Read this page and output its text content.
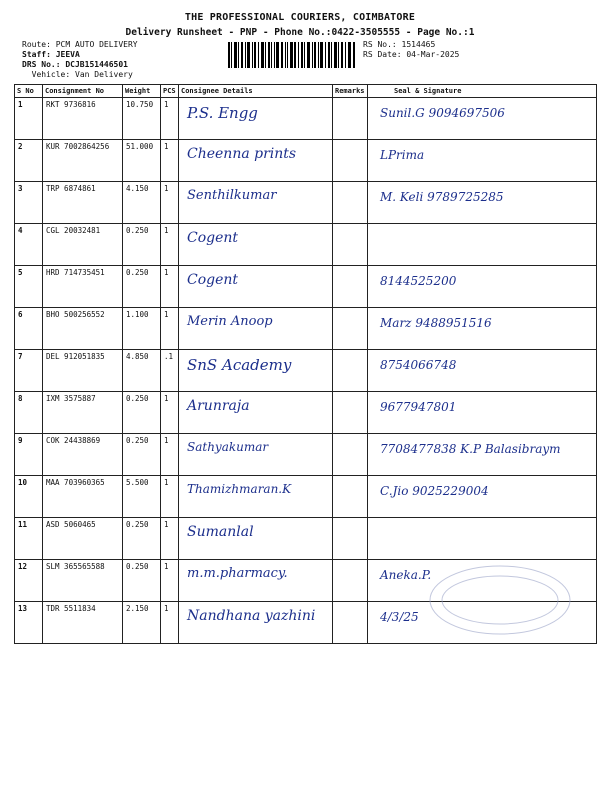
THE PROFESSIONAL COURIERS, COIMBATORE
Delivery Runsheet - PNP - Phone No.:0422-3505555 - Page No.:1
Route: PCM AUTO DELIVERY
Staff: JEEVA
DRS No.: DCJB151446501
Vehicle: Van Delivery
RS No.: 1514465
RS Date: 04-Mar-2025
S No	Consignment No	Weight	PCS	Consignee Details	Remarks	Seal & Signature
1	RKT 9736816	10.750	1	P.S. Engg		Sunil.G 9094697506

2	KUR 7002864256	51.000	1	Cheenna prints		LPrima

3	TRP 6874861	4.150	1	Senthilkumar		M. Keli 9789725285

4	CGL 20032481	0.250	1	Cogent		

5	HRD 714735451	0.250	1	Cogent		8144525200

6	BHO 500256552	1.100	1	Merin Anoop		Marz 9488951516

7	DEL 912051835	4.850	.1	SnS Academy		8754066748

8	IXM 3575887	0.250	1	Arunraja		9677947801

9	COK 24438869	0.250	1	Sathyakumar		7708477838 K.P Balasibraym

10	MAA 703960365	5.500	1	Thamizhmaran.K		C.Jio 9025229004

11	ASD 5060465	0.250	1	Sumanlal		

12	SLM 365565588	0.250	1	m.m.pharmacy.		Aneka.P.

13	TDR 5511834	2.150	1	Nandhana yazhini		4/3/25
